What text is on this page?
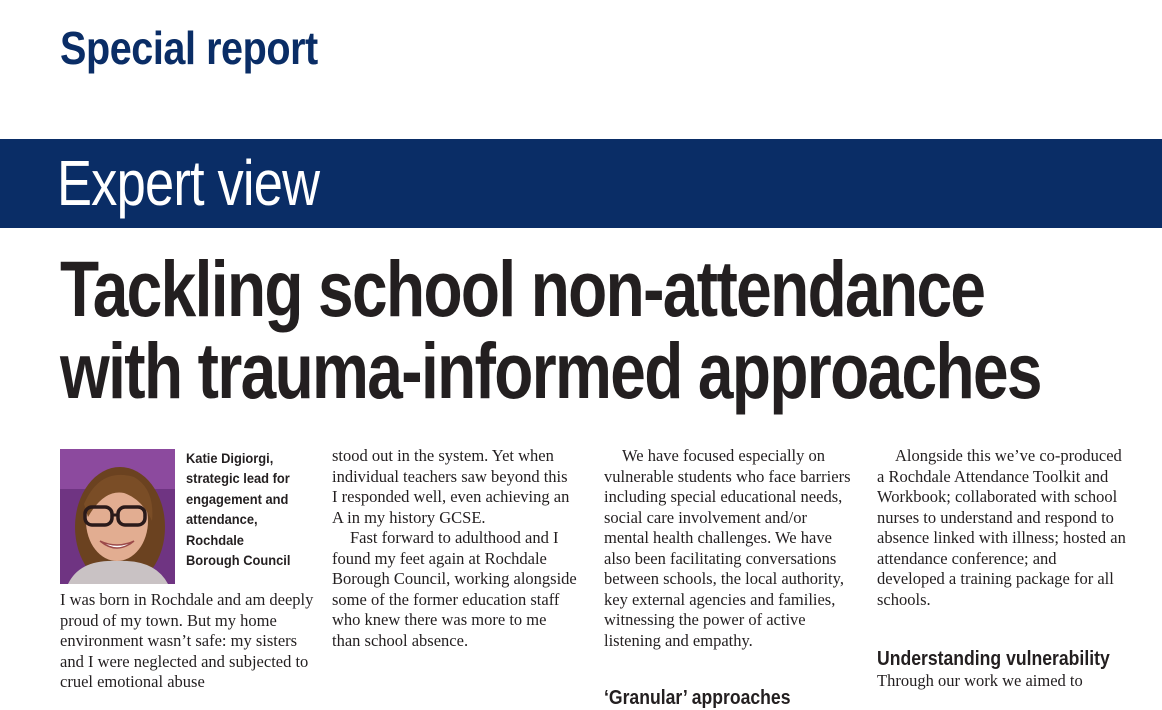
Special report
Expert view
Tackling school non-attendance
with trauma-informed approaches
Katie Digiorgi, strategic lead for engagement and attendance, Rochdale Borough Council

I was born in Rochdale and am deeply proud of my town. But my home environment wasn’t safe: my sisters and I were neglected and subjected to cruel emotional abuse

stood out in the system. Yet when individual teachers saw beyond this I responded well, even achieving an A in my history GCSE.

Fast forward to adulthood and I found my feet again at Rochdale Borough Council, working alongside some of the former education staff who knew there was more to me than school absence.

We have focused especially on vulnerable students who face barriers including special educational needs, social care involvement and/or mental health challenges. We have also been facilitating conversations between schools, the local authority, key external agencies and families, witnessing the power of active listening and empathy.

‘Granular’ approaches

Alongside this we’ve co-produced a Rochdale Attendance Toolkit and Workbook; collaborated with school nurses to understand and respond to absence linked with illness; hosted an attendance conference; and developed a training package for all schools.

Understanding vulnerability

Through our work we aimed to
